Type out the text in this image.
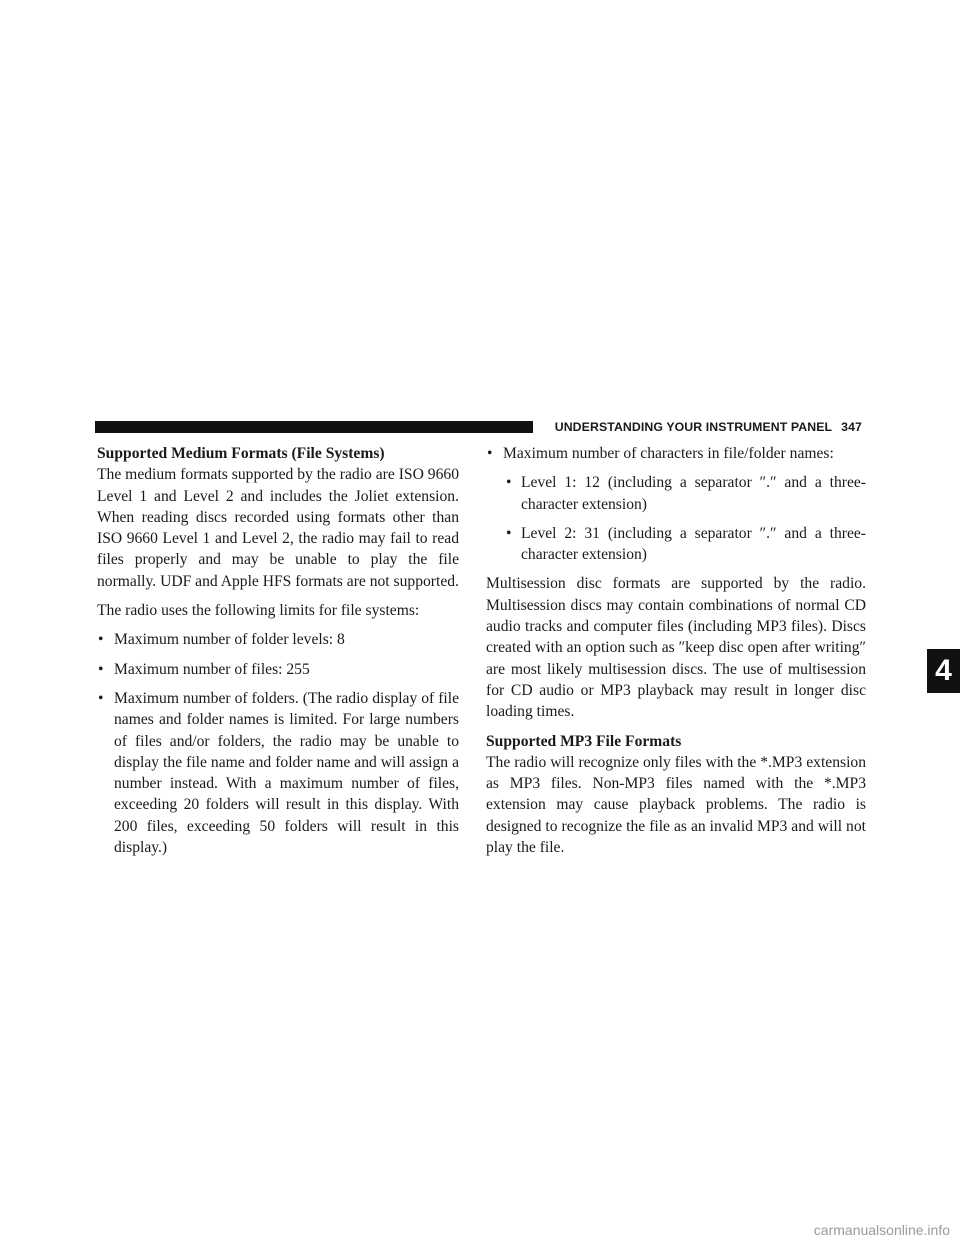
UNDERSTANDING YOUR INSTRUMENT PANEL 347
Supported Medium Formats (File Systems)

The medium formats supported by the radio are ISO 9660 Level 1 and Level 2 and includes the Joliet extension. When reading discs recorded using formats other than ISO 9660 Level 1 and Level 2, the radio may fail to read files properly and may be unable to play the file normally. UDF and Apple HFS formats are not supported.

The radio uses the following limits for file systems:

• Maximum number of folder levels: 8
• Maximum number of files: 255
• Maximum number of folders. (The radio display of file names and folder names is limited. For large numbers of files and/or folders, the radio may be unable to display the file name and folder name and will assign a number instead. With a maximum number of files, exceeding 20 folders will result in this display. With 200 files, exceeding 50 folders will result in this display.)
• Maximum number of characters in file/folder names:
• Level 1: 12 (including a separator ″.″ and a three-character extension)
• Level 2: 31 (including a separator ″.″ and a three-character extension)

Multisession disc formats are supported by the radio. Multisession discs may contain combinations of normal CD audio tracks and computer files (including MP3 files). Discs created with an option such as ″keep disc open after writing″ are most likely multisession discs. The use of multisession for CD audio or MP3 playback may result in longer disc loading times.

Supported MP3 File Formats

The radio will recognize only files with the *.MP3 extension as MP3 files. Non-MP3 files named with the *.MP3 extension may cause playback problems. The radio is designed to recognize the file as an invalid MP3 and will not play the file.

4
carmanualsonline.info
